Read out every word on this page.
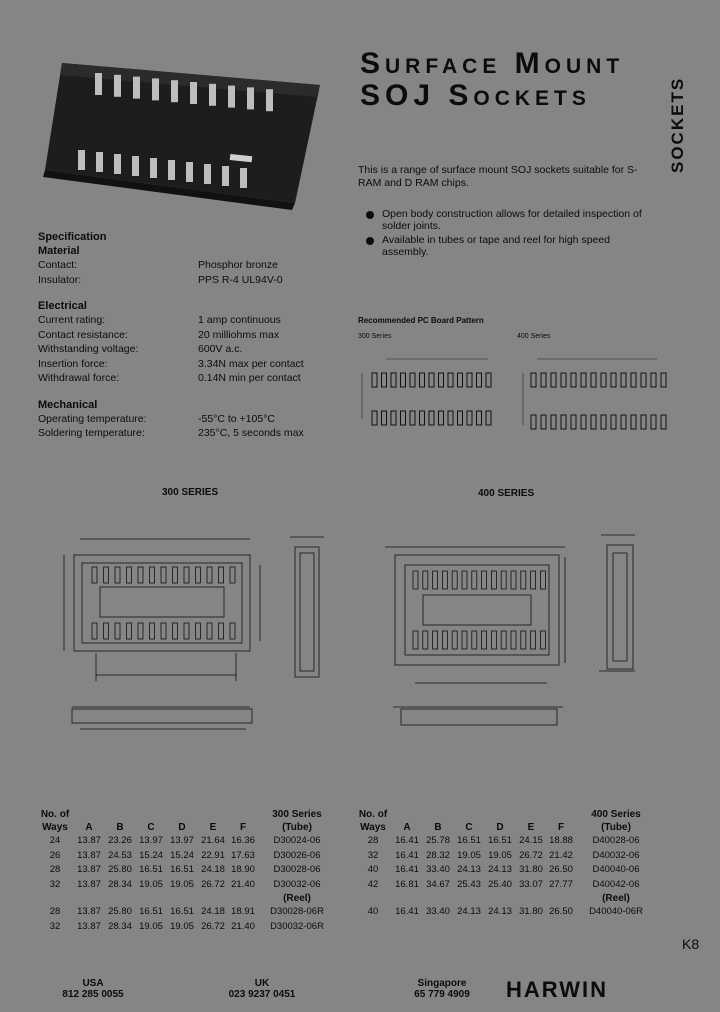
Surface Mount
SOJ Sockets	SOCKETS
This is a range of surface mount SOJ sockets suitable for S-RAM and D RAM chips.
Open body construction allows for detailed inspection of solder joints.
Available in tubes or tape and reel for high speed assembly.
Specification
Material
Contact:	Phosphor bronze
Insulator:	PPS R-4 UL94V-0
Electrical
Current rating:	1 amp continuous
Contact resistance:	20 milliohms max
Withstanding voltage:	600V a.c.
Insertion force:	3.34N max per contact
Withdrawal force:	0.14N min per contact
Mechanical
Operating temperature:	-55°C to +105°C
Soldering temperature:	235°C, 5 seconds max
Recommended PC Board Pattern
300 Series	400 Series
300 SERIES	400 SERIES
No. of							300 Series
Ways	A	B	C	D	E	F	(Tube)
24	13.87	23.26	13.97	13.97	21.64	16.36	D30024-06
26	13.87	24.53	15.24	15.24	22.91	17.63	D30026-06
28	13.87	25.80	16.51	16.51	24.18	18.90	D30028-06
32	13.87	28.34	19.05	19.05	26.72	21.40	D30032-06
							(Reel)
28	13.87	25.80	16.51	16.51	24.18	18.91	D30028-06R
32	13.87	28.34	19.05	19.05	26.72	21.40	D30032-06R
No. of							400 Series
Ways	A	B	C	D	E	F	(Tube)
28	16.41	25.78	16.51	16.51	24.15	18.88	D40028-06
32	16.41	28.32	19.05	19.05	26.72	21.42	D40032-06
40	16.41	33.40	24.13	24.13	31.80	26.50	D40040-06
42	16.81	34.67	25.43	25.40	33.07	27.77	D40042-06
							(Reel)
40	16.41	33.40	24.13	24.13	31.80	26.50	D40040-06R
K8
USA
812 285 0055
UK
023 9237 0451
Singapore
65 779 4909	HARWIN
